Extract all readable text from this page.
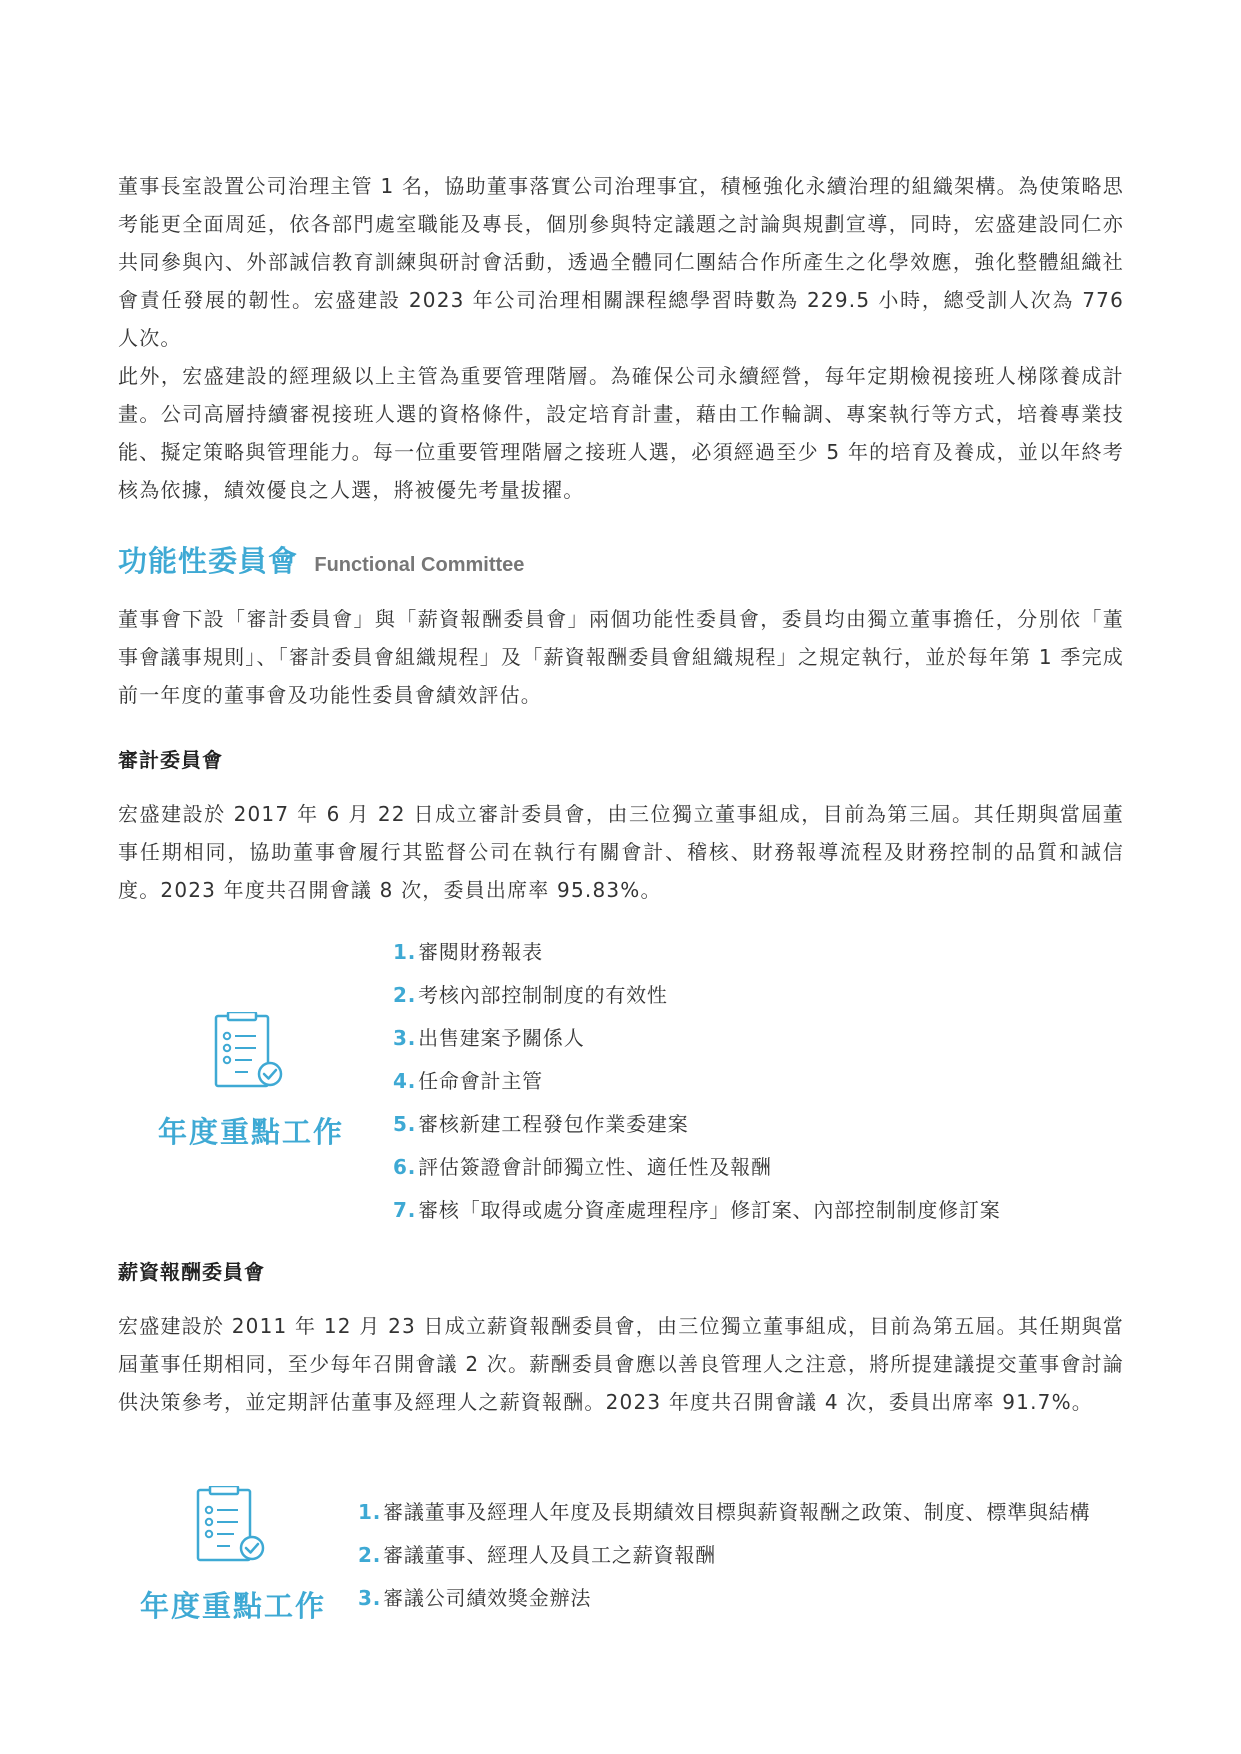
董事長室設置公司治理主管 1 名，協助董事落實公司治理事宜，積極強化永續治理的組織架構。為使策略思考能更全面周延，依各部門處室職能及專長，個別參與特定議題之討論與規劃宣導，同時，宏盛建設同仁亦共同參與內、外部誠信教育訓練與研討會活動，透過全體同仁團結合作所產生之化學效應，強化整體組織社會責任發展的韌性。宏盛建設 2023 年公司治理相關課程總學習時數為 229.5 小時，總受訓人次為 776 人次。

此外，宏盛建設的經理級以上主管為重要管理階層。為確保公司永續經營，每年定期檢視接班人梯隊養成計畫。公司高層持續審視接班人選的資格條件，設定培育計畫，藉由工作輪調、專案執行等方式，培養專業技能、擬定策略與管理能力。每一位重要管理階層之接班人選，必須經過至少 5 年的培育及養成，並以年終考核為依據，績效優良之人選，將被優先考量拔擢。

功能性委員會 Functional Committee

董事會下設「審計委員會」與「薪資報酬委員會」兩個功能性委員會，委員均由獨立董事擔任，分別依「董事會議事規則」、「審計委員會組織規程」及「薪資報酬委員會組織規程」之規定執行，並於每年第 1 季完成前一年度的董事會及功能性委員會績效評估。

審計委員會

宏盛建設於 2017 年 6 月 22 日成立審計委員會，由三位獨立董事組成，目前為第三屆。其任期與當屆董事任期相同，協助董事會履行其監督公司在執行有關會計、稽核、財務報導流程及財務控制的品質和誠信度。2023 年度共召開會議 8 次，委員出席率 95.83%。

年度重點工作
1. 審閱財務報表
2. 考核內部控制制度的有效性
3. 出售建案予關係人
4. 任命會計主管
5. 審核新建工程發包作業委建案
6. 評估簽證會計師獨立性、適任性及報酬
7. 審核「取得或處分資產處理程序」修訂案、內部控制制度修訂案
薪資報酬委員會

宏盛建設於 2011 年 12 月 23 日成立薪資報酬委員會，由三位獨立董事組成，目前為第五屆。其任期與當屆董事任期相同，至少每年召開會議 2 次。薪酬委員會應以善良管理人之注意，將所提建議提交董事會討論供決策參考，並定期評估董事及經理人之薪資報酬。2023 年度共召開會議 4 次，委員出席率 91.7%。

年度重點工作
1. 審議董事及經理人年度及長期績效目標與薪資報酬之政策、制度、標準與結構
2. 審議董事、經理人及員工之薪資報酬
3. 審議公司績效獎金辦法
